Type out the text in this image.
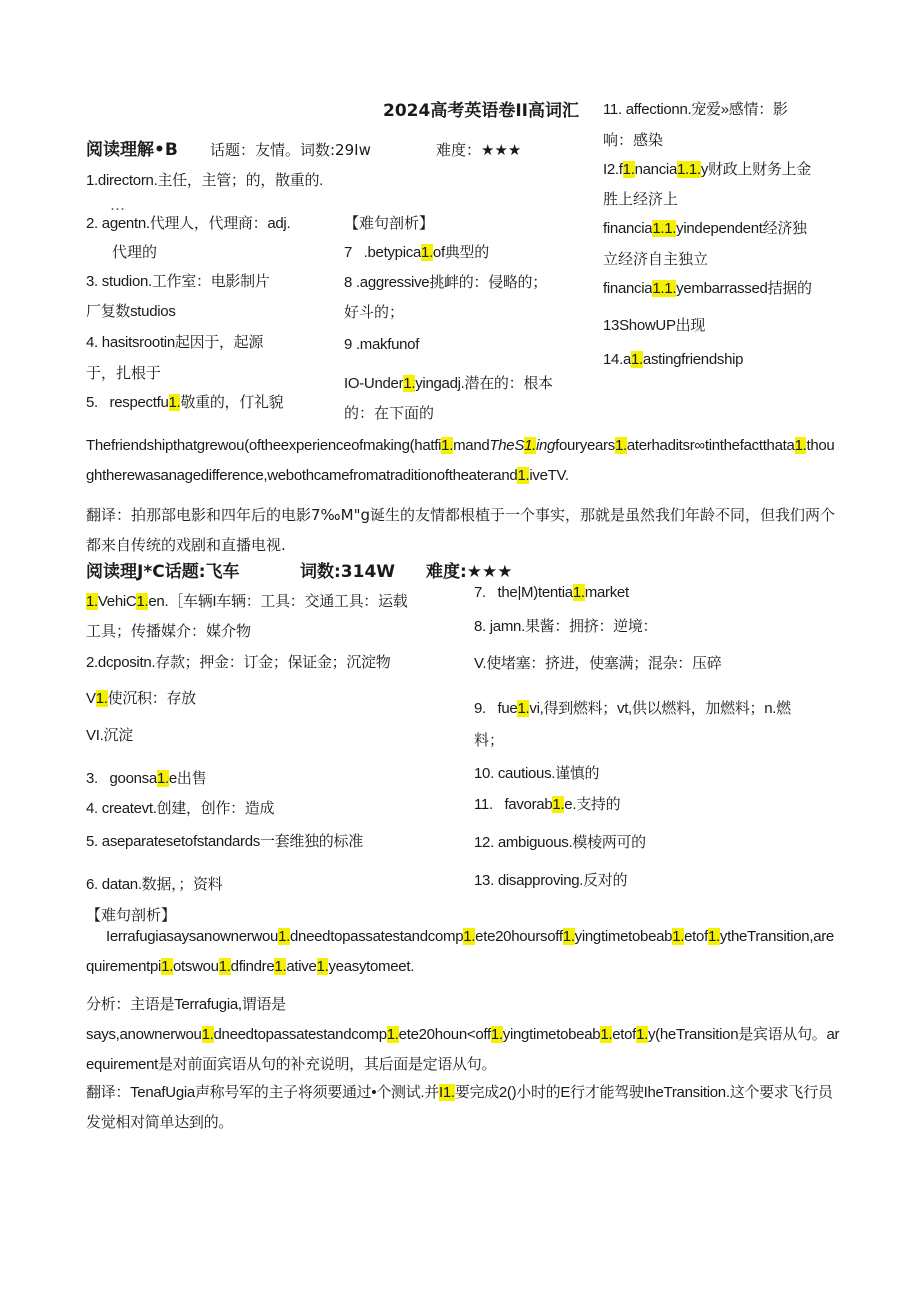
2024高考英语卷II高词汇
阅读理解•B 话题：友情。词数:29Iw	难度：★★★
1.directorn.主任，主管；的，散重的.
…
2. agentn.代理人，代理商：adj.
代理的
3. studion.工作室：电影制片
厂复数studios
4. hasitsrootin起因于，起源
于，扎根于
5.   respectfu1.敬重的，仃礼貌
【难句剖析】
7   .betypica1.of典型的
8 .aggressive挑衅的：侵略的；
好斗的；
9 .makfunof
IO-Under1.yingadj.潜在的：根本
的：在下面的
11. affectionn.宠爱»感情：影
响：感染
I2.f1.nancia1.1.y财政上财务上金
胜上经济上
financia1.1.yindependent经济独
立经济自主独立
financia1.1.yembarrassed拮据的
13ShowUP出现
14.a1.astingfriendship
Thefriendshipthatgrewou(oftheexperienceofmaking(hatfi1.mandTheS1.ingfouryears1.aterhaditsr∞tinthefactthata1.thoughtherewasanagedifference,webothcamefromatraditionoftheaterand1.iveTV.
翻译：拍那部电影和四年后的电影7‰M"g诞生的友情都根植于一个事实，那就是虽然我们年龄不同，但我们两个都来自传统的戏剧和直播电视.
阅读理J*C话题:飞车	词数:314W 难度:★★★
1.VehiC1.en.［车辆I车辆：工具：交通工具：运载
工具；传播媒介：媒介物
2.dcpositn.存款；押金：订金；保证金；沉淀物
V1.使沉积：存放
VI.沉淀
3.   goonsa1.e出售
4. createvt.创建，创作：造成
5. aseparatesetofstandards一套维独的标准
6. datan.数据，；资料
7.   the|M)tentia1.market
8. jamn.果酱：拥挤：逆境：
V.使堵塞：挤进，使塞满；混杂：压碎
9.   fue1.vi,得到燃料；vt,供以燃料，加燃料；n.燃
料；
10. cautious.谨慎的
11.   favorab1.e.支持的
12. ambiguous.模棱两可的
13. disapproving.反对的
【难句剖析】
Ierrafugiasaysanownerwou1.dneedtopassatestandcomp1.ete20hoursoff1.yingtimetobeab1.etof1.ytheTransition,arequirementpi1.otswou1.dfindre1.ative1.yeasytomeet.
分析：主语是Terrafugia,谓语是
says,anownerwou1.dneedtopassatestandcomp1.ete20houn<off1.yingtimetobeab1.etof1.y(heTransition是宾语从句。arequirement是对前面宾语从句的补充说明，其后面是定语从句。
翻译：TenafUgia声称号军的主子将须要通过•个测试.并I1.要完成2()小时的E行才能驾驶IheTransition.这个要求飞行员发觉相对简单达到的。
